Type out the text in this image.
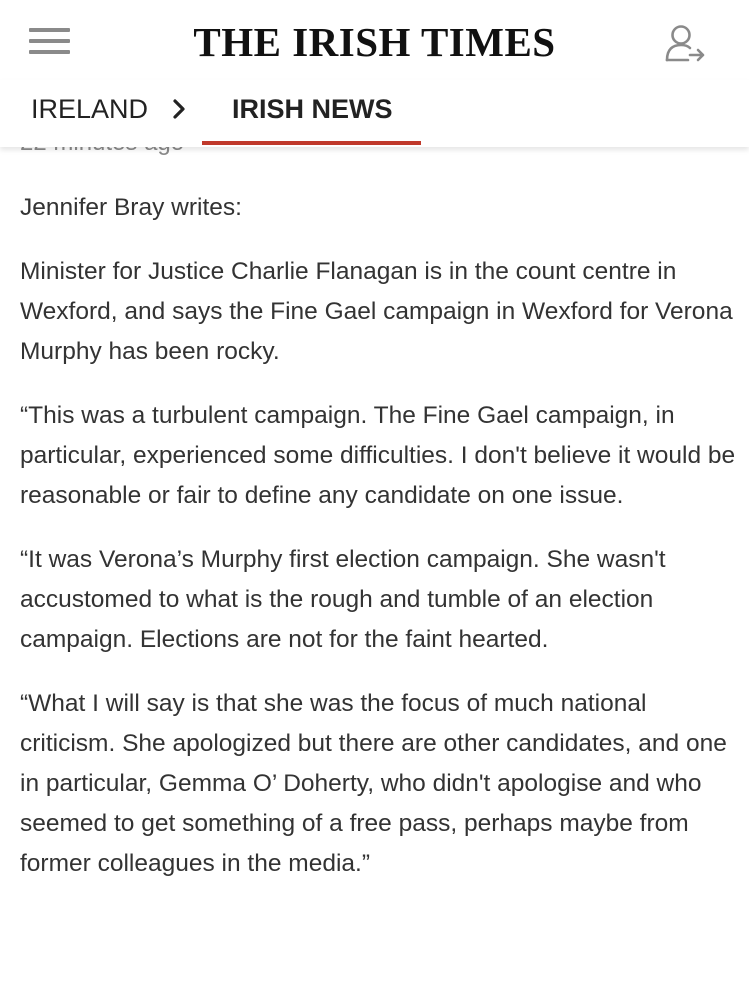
THE IRISH TIMES
IRELAND	IRISH NEWS

Jennifer Bray writes:

Minister for Justice Charlie Flanagan is in the count centre in Wexford, and says the Fine Gael campaign in Wexford for Verona Murphy has been rocky.

“This was a turbulent campaign. The Fine Gael campaign, in particular, experienced some difficulties. I don't believe it would be reasonable or fair to define any candidate on one issue.

“It was Verona’s Murphy first election campaign. She wasn't accustomed to what is the rough and tumble of an election campaign. Elections are not for the faint hearted.

“What I will say is that she was the focus of much national criticism. She apologized but there are other candidates, and one in particular, Gemma O’ Doherty, who didn't apologise and who seemed to get something of a free pass, perhaps maybe from former colleagues in the media.”
